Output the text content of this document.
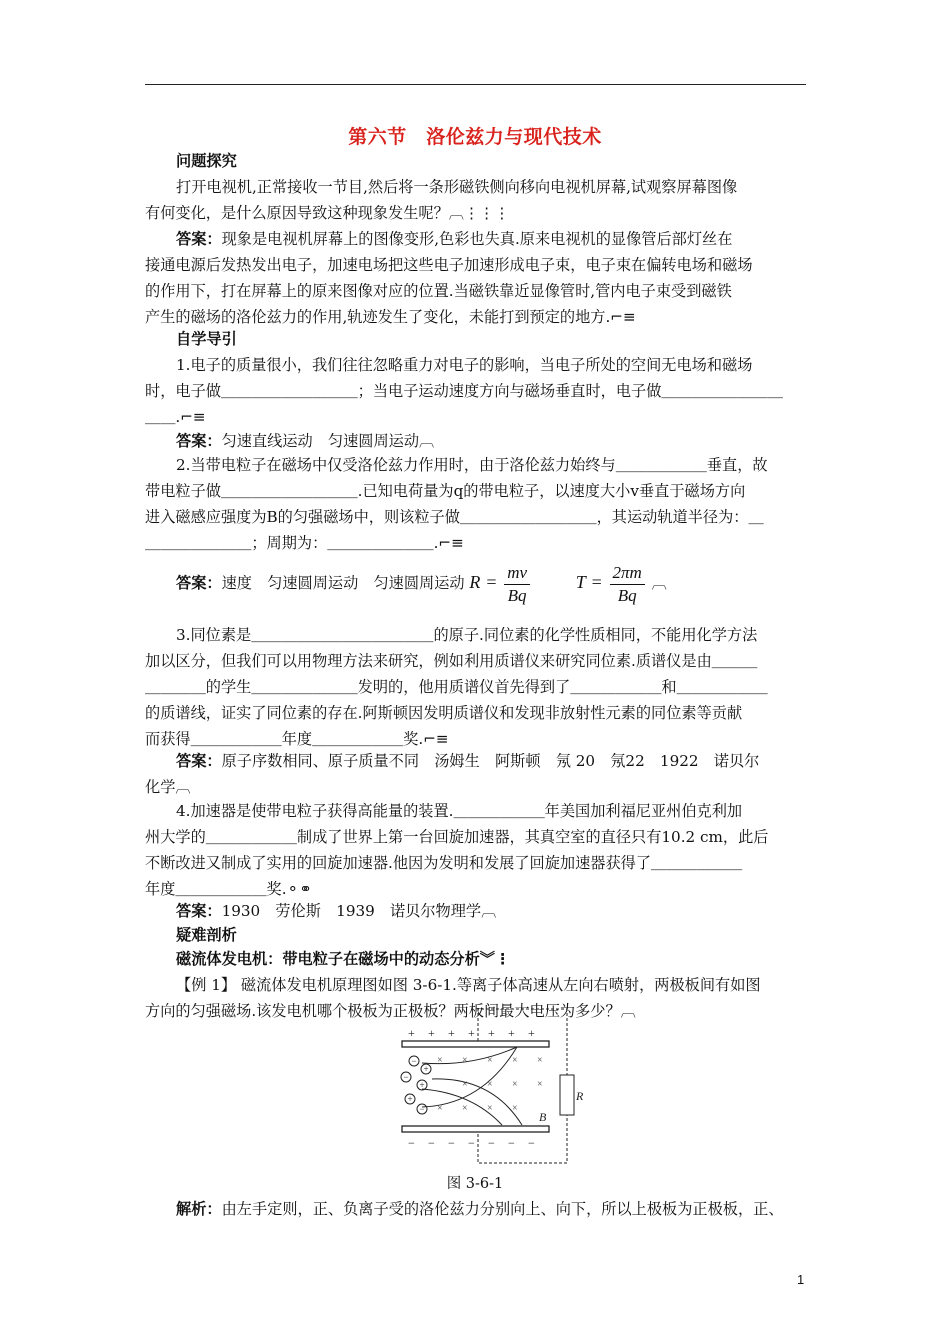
第六节　洛伦兹力与现代技术
问题探究
打开电视机,正常接收一节目,然后将一条形磁铁侧向移向电视机屏幕,试观察屏幕图像
有何变化，是什么原因导致这种现象发生呢？︹⋮⋮⋮
答案：现象是电视机屏幕上的图像变形,色彩也失真.原来电视机的显像管后部灯丝在
接通电源后发热发出电子，加速电场把这些电子加速形成电子束，电子束在偏转电场和磁场
的作用下，打在屏幕上的原来图像对应的位置.当磁铁靠近显像管时,管内电子束受到磁铁
产生的磁场的洛伦兹力的作用,轨迹发生了变化，未能打到预定的地方.⌐≡
自学导引
1.电子的质量很小，我们往往忽略重力对电子的影响，当电子所处的空间无电场和磁场
时，电子做＿＿＿＿＿＿＿＿＿；当电子运动速度方向与磁场垂直时，电子做＿＿＿＿＿＿＿＿
＿＿.⌐≡
答案：匀速直线运动　匀速圆周运动︹
2.当带电粒子在磁场中仅受洛伦兹力作用时，由于洛伦兹力始终与＿＿＿＿＿＿垂直，故
带电粒子做＿＿＿＿＿＿＿＿＿.已知电荷量为q的带电粒子，以速度大小v垂直于磁场方向
进入磁感应强度为B的匀强磁场中，则该粒子做＿＿＿＿＿＿＿＿＿，其运动轨道半径为：＿
＿＿＿＿＿＿＿；周期为：＿＿＿＿＿＿＿.⌐≡
答案：速度　匀速圆周运动　匀速圆周运动 $R = \frac{mv}{Bq}$	$T = \frac{2\pi m}{Bq}$ ︹
3.同位素是＿＿＿＿＿＿＿＿＿＿＿＿的原子.同位素的化学性质相同，不能用化学方法
加以区分，但我们可以用物理方法来研究，例如利用质谱仪来研究同位素.质谱仪是由＿＿＿
＿＿＿＿的学生＿＿＿＿＿＿＿发明的，他用质谱仪首先得到了＿＿＿＿＿＿和＿＿＿＿＿＿
的质谱线，证实了同位素的存在.阿斯顿因发明质谱仪和发现非放射性元素的同位素等贡献
而获得＿＿＿＿＿＿年度＿＿＿＿＿＿奖.⌐≡
答案：原子序数相同、原子质量不同　汤姆生　阿斯顿　氖 20　氖22　1922　诺贝尔
化学︹
4.加速器是使带电粒子获得高能量的装置.＿＿＿＿＿＿年美国加利福尼亚州伯克利加
州大学的＿＿＿＿＿＿制成了世界上第一台回旋加速器，其真空室的直径只有10.2 cm，此后
不断改进又制成了实用的回旋加速器.他因为发明和发展了回旋加速器获得了＿＿＿＿＿＿
年度＿＿＿＿＿＿奖.⚬⚭
答案：1930　劳伦斯　1939　诺贝尔物理学︹
疑难剖析
磁流体发电机：带电粒子在磁场中的动态分析︾⋮
【例 1】 磁流体发电机原理图如图 3-6-1.等离子体高速从左向右喷射，两极板间有如图
方向的匀强磁场.该发电机哪个极板为正极板？两板间最大电压为多少？︹
R
B
+ + + + + + +
− − − − − − −
× × × × ×
× × × ×
× × × ×
−
+
−
+
+
−
图 3-6-1
解析：由左手定则，正、负离子受的洛伦兹力分别向上、向下，所以上极板为正极板，正、
1
